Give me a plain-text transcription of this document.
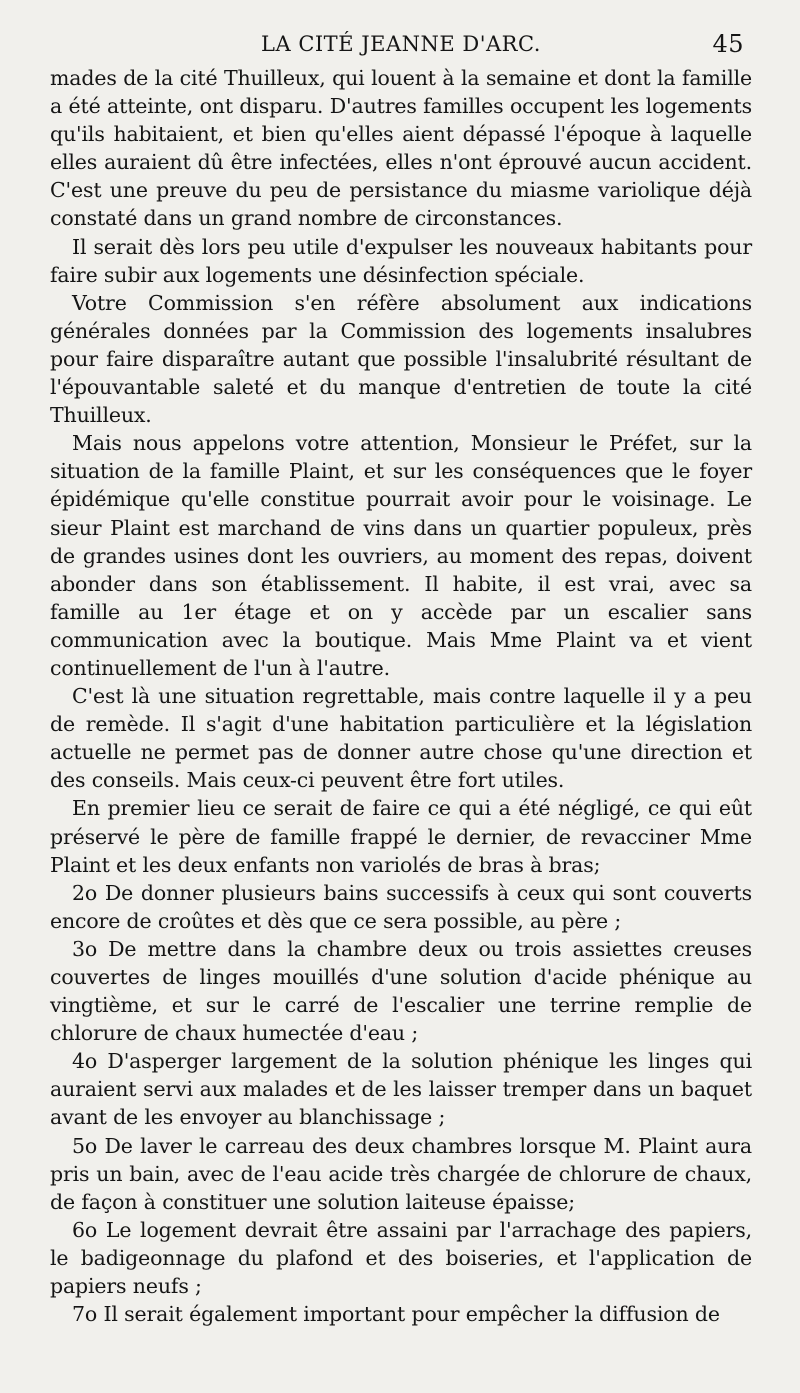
LA CITÉ JEANNE D'ARC.	45

mades de la cité Thuilleux, qui louent à la semaine et dont la famille a été atteinte, ont disparu. D'autres familles occupent les logements qu'ils habitaient, et bien qu'elles aient dépassé l'époque à laquelle elles auraient dû être infectées, elles n'ont éprouvé aucun accident. C'est une preuve du peu de persistance du miasme variolique déjà constaté dans un grand nombre de circonstances.

Il serait dès lors peu utile d'expulser les nouveaux habitants pour faire subir aux logements une désinfection spéciale.

Votre Commission s'en réfère absolument aux indications générales données par la Commission des logements insalubres pour faire disparaître autant que possible l'insalubrité résultant de l'épouvantable saleté et du manque d'entretien de toute la cité Thuilleux.

Mais nous appelons votre attention, Monsieur le Préfet, sur la situation de la famille Plaint, et sur les conséquences que le foyer épidémique qu'elle constitue pourrait avoir pour le voisinage. Le sieur Plaint est marchand de vins dans un quartier populeux, près de grandes usines dont les ouvriers, au moment des repas, doivent abonder dans son établissement. Il habite, il est vrai, avec sa famille au 1er étage et on y accède par un escalier sans communication avec la boutique. Mais Mme Plaint va et vient continuellement de l'un à l'autre.

C'est là une situation regrettable, mais contre laquelle il y a peu de remède. Il s'agit d'une habitation particulière et la législation actuelle ne permet pas de donner autre chose qu'une direction et des conseils. Mais ceux-ci peuvent être fort utiles.

En premier lieu ce serait de faire ce qui a été négligé, ce qui eût préservé le père de famille frappé le dernier, de revacciner Mme Plaint et les deux enfants non variolés de bras à bras;

2o De donner plusieurs bains successifs à ceux qui sont couverts encore de croûtes et dès que ce sera possible, au père ;

3o De mettre dans la chambre deux ou trois assiettes creuses couvertes de linges mouillés d'une solution d'acide phénique au vingtième, et sur le carré de l'escalier une terrine remplie de chlorure de chaux humectée d'eau ;

4o D'asperger largement de la solution phénique les linges qui auraient servi aux malades et de les laisser tremper dans un baquet avant de les envoyer au blanchissage ;

5o De laver le carreau des deux chambres lorsque M. Plaint aura pris un bain, avec de l'eau acide très chargée de chlorure de chaux, de façon à constituer une solution laiteuse épaisse;

6o Le logement devrait être assaini par l'arrachage des papiers, le badigeonnage du plafond et des boiseries, et l'application de papiers neufs ;

7o Il serait également important pour empêcher la diffusion de
